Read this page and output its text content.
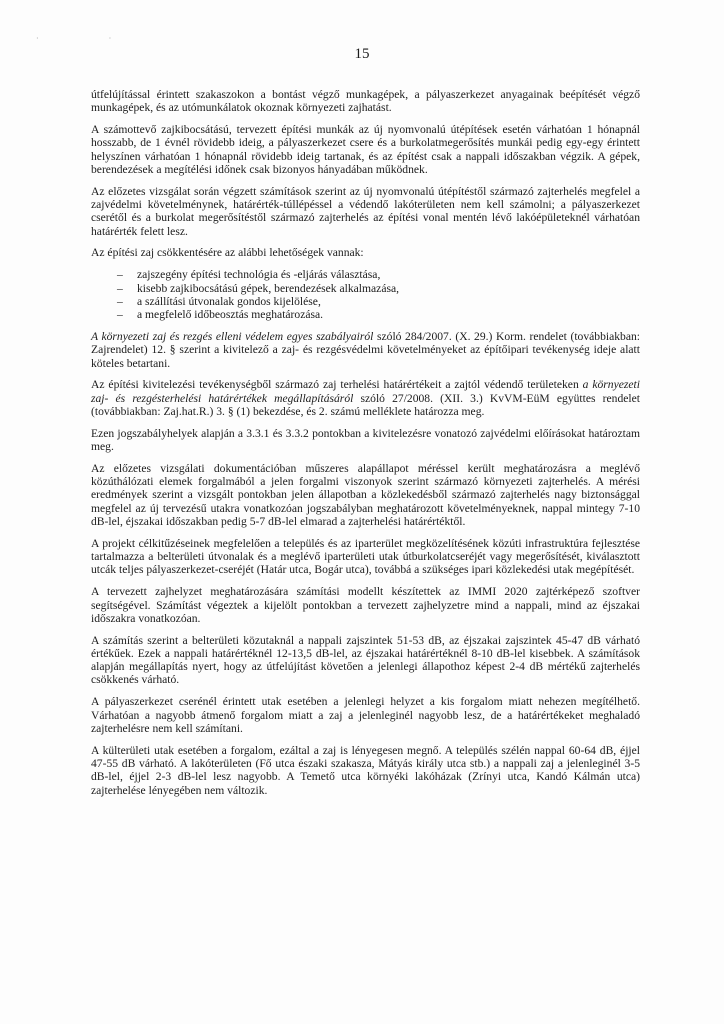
· ·
15

útfelújítással érintett szakaszokon a bontást végző munkagépek, a pályaszerkezet anyagainak beépítését végző munkagépek, és az utómunkálatok okoznak környezeti zajhatást.

A számottevő zajkibocsátású, tervezett építési munkák az új nyomvonalú útépítések esetén várhatóan 1 hónapnál hosszabb, de 1 évnél rövidebb ideig, a pályaszerkezet csere és a burkolatmegerősítés munkái pedig egy-egy érintett helyszínen várhatóan 1 hónapnál rövidebb ideig tartanak, és az építést csak a nappali időszakban végzik. A gépek, berendezések a megítélési időnek csak bizonyos hányadában működnek.

Az előzetes vizsgálat során végzett számítások szerint az új nyomvonalú útépítéstől származó zajterhelés megfelel a zajvédelmi követelménynek, határérték-túllépéssel a védendő lakóterületen nem kell számolni; a pályaszerkezet cserétől és a burkolat megerősítéstől származó zajterhelés az építési vonal mentén lévő lakóépületeknél várhatóan határérték felett lesz.

Az építési zaj csökkentésére az alábbi lehetőségek vannak:

– zajszegény építési technológia és -eljárás választása,
– kisebb zajkibocsátású gépek, berendezések alkalmazása,
– a szállítási útvonalak gondos kijelölése,
– a megfelelő időbeosztás meghatározása.

A környezeti zaj és rezgés elleni védelem egyes szabályairól szóló 284/2007. (X. 29.) Korm. rendelet (továbbiakban: Zajrendelet) 12. § szerint a kivitelező a zaj- és rezgésvédelmi követelményeket az építőipari tevékenység ideje alatt köteles betartani.

Az építési kivitelezési tevékenységből származó zaj terhelési határértékeit a zajtól védendő területeken a környezeti zaj- és rezgésterhelési határértékek megállapításáról szóló 27/2008. (XII. 3.) KvVM-EüM együttes rendelet (továbbiakban: Zaj.hat.R.) 3. § (1) bekezdése, és 2. számú melléklete határozza meg.

Ezen jogszabályhelyek alapján a 3.3.1 és 3.3.2 pontokban a kivitelezésre vonatozó zajvédelmi előírásokat határoztam meg.

Az előzetes vizsgálati dokumentációban műszeres alapállapot méréssel került meghatározásra a meglévő közúthálózati elemek forgalmából a jelen forgalmi viszonyok szerint származó környezeti zajterhelés. A mérési eredmények szerint a vizsgált pontokban jelen állapotban a közlekedésből származó zajterhelés nagy biztonsággal megfelel az új tervezésű utakra vonatkozóan jogszabályban meghatározott követelményeknek, nappal mintegy 7-10 dB-lel, éjszakai időszakban pedig 5-7 dB-lel elmarad a zajterhelési határértéktől.

A projekt célkitűzéseinek megfelelően a település és az iparterület megközelítésének közúti infrastruktúra fejlesztése tartalmazza a belterületi útvonalak és a meglévő iparterületi utak útburkolatcseréjét vagy megerősítését, kiválasztott utcák teljes pályaszerkezet-cseréjét (Határ utca, Bogár utca), továbbá a szükséges ipari közlekedési utak megépítését.

A tervezett zajhelyzet meghatározására számítási modellt készítettek az IMMI 2020 zajtérképező szoftver segítségével. Számítást végeztek a kijelölt pontokban a tervezett zajhelyzetre mind a nappali, mind az éjszakai időszakra vonatkozóan.

A számítás szerint a belterületi közutaknál a nappali zajszintek 51-53 dB, az éjszakai zajszintek 45-47 dB várható értékűek. Ezek a nappali határértéknél 12-13,5 dB-lel, az éjszakai határértéknél 8-10 dB-lel kisebbek. A számítások alapján megállapítás nyert, hogy az útfelújítást követően a jelenlegi állapothoz képest 2-4 dB mértékű zajterhelés csökkenés várható.

A pályaszerkezet cserénél érintett utak esetében a jelenlegi helyzet a kis forgalom miatt nehezen megítélhető. Várhatóan a nagyobb átmenő forgalom miatt a zaj a jelenleginél nagyobb lesz, de a határértékeket meghaladó zajterhelésre nem kell számítani.

A külterületi utak esetében a forgalom, ezáltal a zaj is lényegesen megnő. A település szélén nappal 60-64 dB, éjjel 47-55 dB várható. A lakóterületen (Fő utca északi szakasza, Mátyás király utca stb.) a nappali zaj a jelenleginél 3-5 dB-lel, éjjel 2-3 dB-lel lesz nagyobb. A Temető utca környéki lakóházak (Zrínyi utca, Kandó Kálmán utca) zajterhelése lényegében nem változik.
